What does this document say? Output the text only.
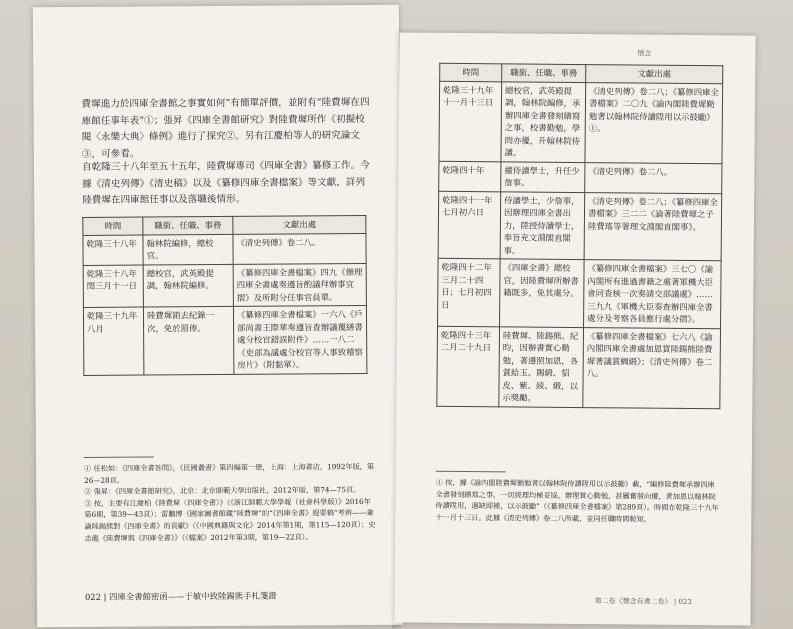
費墀進力於四庫全書館之事實如何”有簡單評價，並附有“陸費墀在四庫館任事年表”①；張昇《四庫全書館研究》對陸費墀所作《初擬校閱〈永樂大典〉條例》進行了探究②。另有江慶柏等人的研究論文③，可參看。

自乾隆三十八年至五十五年，陸費墀專司《四庫全書》纂修工作。今據《清史列傳》《清史稿》以及《纂修四庫全書檔案》等文獻，詳列陸費墀在四庫館任事以及落職後情形。

時間	職銜、任職、事務	文獻出處
乾隆三十八年	翰林院編修，總校官。	《清史列傳》卷二八。
乾隆三十八年閏三月十一日	總校官，武英殿提調，翰林院編修。	《纂修四庫全書檔案》四九《辦理四庫全書處奏遵旨酌議拜辦事宜摺》及所附分任事官員單。
乾隆三十九年八月	陸費墀銷去紀錄一次，免於罰俸。	《纂修四庫全書檔案》一六八《戶部尚書王際華奏遵旨查辦議覆繕書處分校官錯誤附件》……一八二《吏部為議處分校官等人事致稽察房片》（附黏單）。

① 任松如：《四庫全書答問》，《民國叢書》第四編第一册，上海：上海書店，1992年版，第26—28頁。
② 張昇：《四庫全書館研究》，北京：北京師範大學出版社，2012年版，第74—75頁。
③ 按，主要有江慶柏《陸費墀〈四庫全書〉》（《浙江師範大學學報（社會科學版）》2016年第6期，第39—43頁）；雷鵬博《國家圖書館藏“陸費墀”的“《四庫全書》提要稿”考辨——兼論陸錫熊對《四庫全書》的貢獻》（《中國典籍與文化》2014年第1期，第115—120頁）；史志龍《陸費墀與《四庫全書》》（《檔案》2012年第3期，第19—22頁）。

022 | 四庫全書館密函——于敏中致陸錫熊手札箋證
懷念
時間	職銜、任職、事務	文獻出處
乾隆三十九年十一月十三日	總校官，武英殿提調，翰林院編修，承辦四庫全書發刻繕寫之事，校書勤勉，學問亦優，升翰林院侍讀。	《清史列傳》卷二八；《纂修四庫全書檔案》二〇九《諭內閣陸費墀勤勉著以翰林院侍讀陞用以示鼓勵》①。
乾隆四十年	擢侍讀學士，升任少詹事。	《清史列傳》卷二八。
乾隆四十一年七月初六日	侍讀學士，少詹事，因辦理四庫全書出力，陞授侍讀學士，奉旨充文淵閣直閣事。	《清史列傳》卷二八；《纂修四庫全書檔案》三二二《論著陸費墀之子陸費瑤等署理文淵閣直閣事》。
乾隆四十二年三月二十四日；七月初四日	《四庫全書》總校官，因陸費墀所辦書籍既多，免其處分。	《纂修四庫全書檔案》三七〇《諭內閣所有進過書籍之處著軍機大臣會同查核一次奏請交部議處》……三九九《軍機大臣奏查辦四庫全書處分及考察各員應行處分摺》。
乾隆四十三年二月二十九日	陸費墀、陸錫熊、紀昀，因辦書實心勤勉，著遵照加恩，各賞給玉、賜緞、貂皮、紫、綾、緞，以示獎勵。	《纂修四庫全書檔案》七六八《諭內閣四庫全書處加恩賞陸錫熊陸費墀著議賞綢緞》；《清史列傳》卷二八。

① 按，據《諭內閣陸費墀勤勉著以翰林院侍讀陞用以示鼓勵》載，“編修陸費墀承辦四庫全書發刻繕寫之事，一切經理均極妥協，辦理實心勤勉，甚屬奮發向優，著加恩以翰林院侍讀陞用，遇缺即補，以示鼓勵”（《纂修四庫全書檔案》第289頁）。時間在乾隆三十九年十一月十三日。此據《清史列傳》卷二八所載，並同任職時間較短。

第二卷《懷念有書二卷》 | 023
